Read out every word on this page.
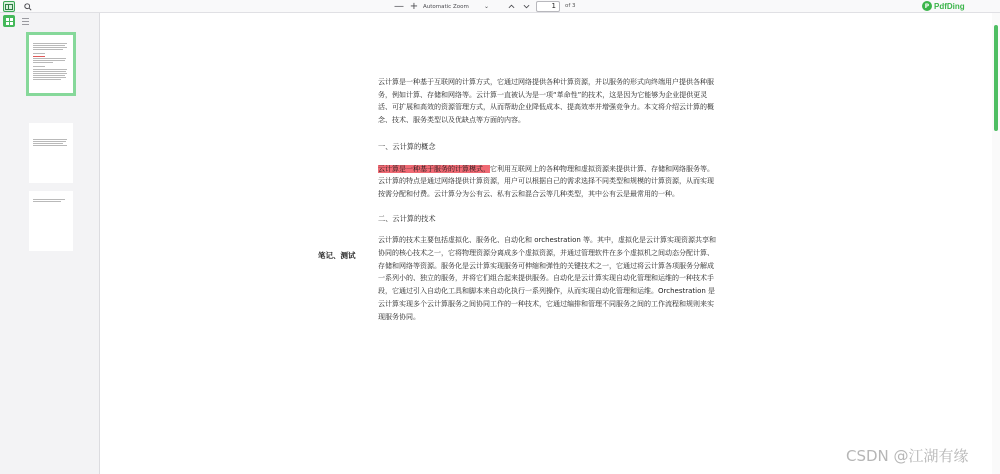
— + Automatic Zoom	⌄	1	of 3	P PdfDing
笔记、测试

云计算是一种基于互联网的计算方式，它通过网络提供各种计算资源，并以服务的形式向终端用户提供各种服务，例如计算、存储和网络等。云计算一直被认为是一项“革命性”的技术，这是因为它能够为企业提供更灵活、可扩展和高效的资源管理方式，从而帮助企业降低成本、提高效率并增强竞争力。本文将介绍云计算的概念、技术、服务类型以及优缺点等方面的内容。

一、云计算的概念

云计算是一种基于服务的计算模式，它利用互联网上的各种物理和虚拟资源来提供计算、存储和网络服务等。云计算的特点是通过网络提供计算资源，用户可以根据自己的需求选择不同类型和规模的计算资源，从而实现按需分配和付费。云计算分为公有云、私有云和混合云等几种类型，其中公有云是最常用的一种。

二、云计算的技术

云计算的技术主要包括虚拟化、服务化、自动化和 orchestration 等。其中，虚拟化是云计算实现资源共享和协同的核心技术之一，它将物理资源分离成多个虚拟资源，并通过管理软件在多个虚拟机之间动态分配计算、存储和网络等资源。服务化是云计算实现服务可伸缩和弹性的关键技术之一，它通过将云计算各项服务分解成一系列小的、独立的服务，并将它们组合起来提供服务。自动化是云计算实现自动化管理和运维的一种技术手段，它通过引入自动化工具和脚本来自动化执行一系列操作，从而实现自动化管理和运维。Orchestration 是云计算实现多个云计算服务之间协同工作的一种技术，它通过编排和管理不同服务之间的工作流程和规则来实现服务协同。

CSDN @江湖有缘
